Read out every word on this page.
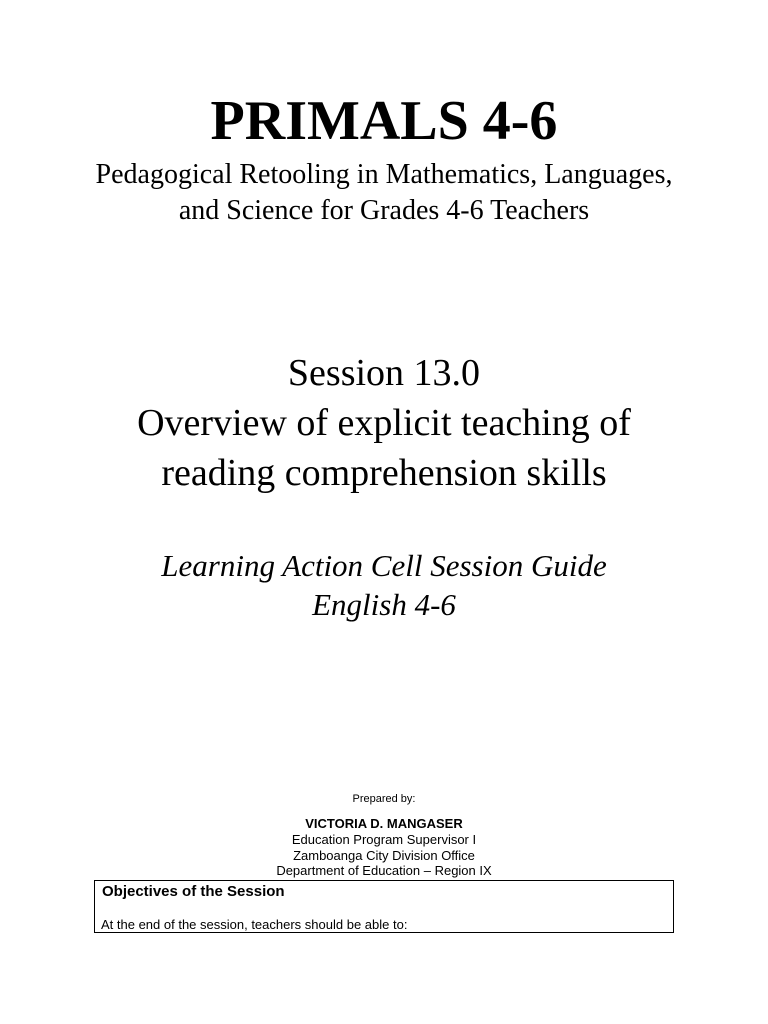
PRIMALS 4-6
Pedagogical Retooling in Mathematics, Languages,
and Science for Grades 4-6 Teachers
Session 13.0
Overview of explicit teaching of
reading comprehension skills
Learning Action Cell Session Guide
English 4-6
Prepared by:
VICTORIA D. MANGASER
Education Program Supervisor I
Zamboanga City Division Office
Department of Education – Region IX

Objectives of the Session

At the end of the session, teachers should be able to:
